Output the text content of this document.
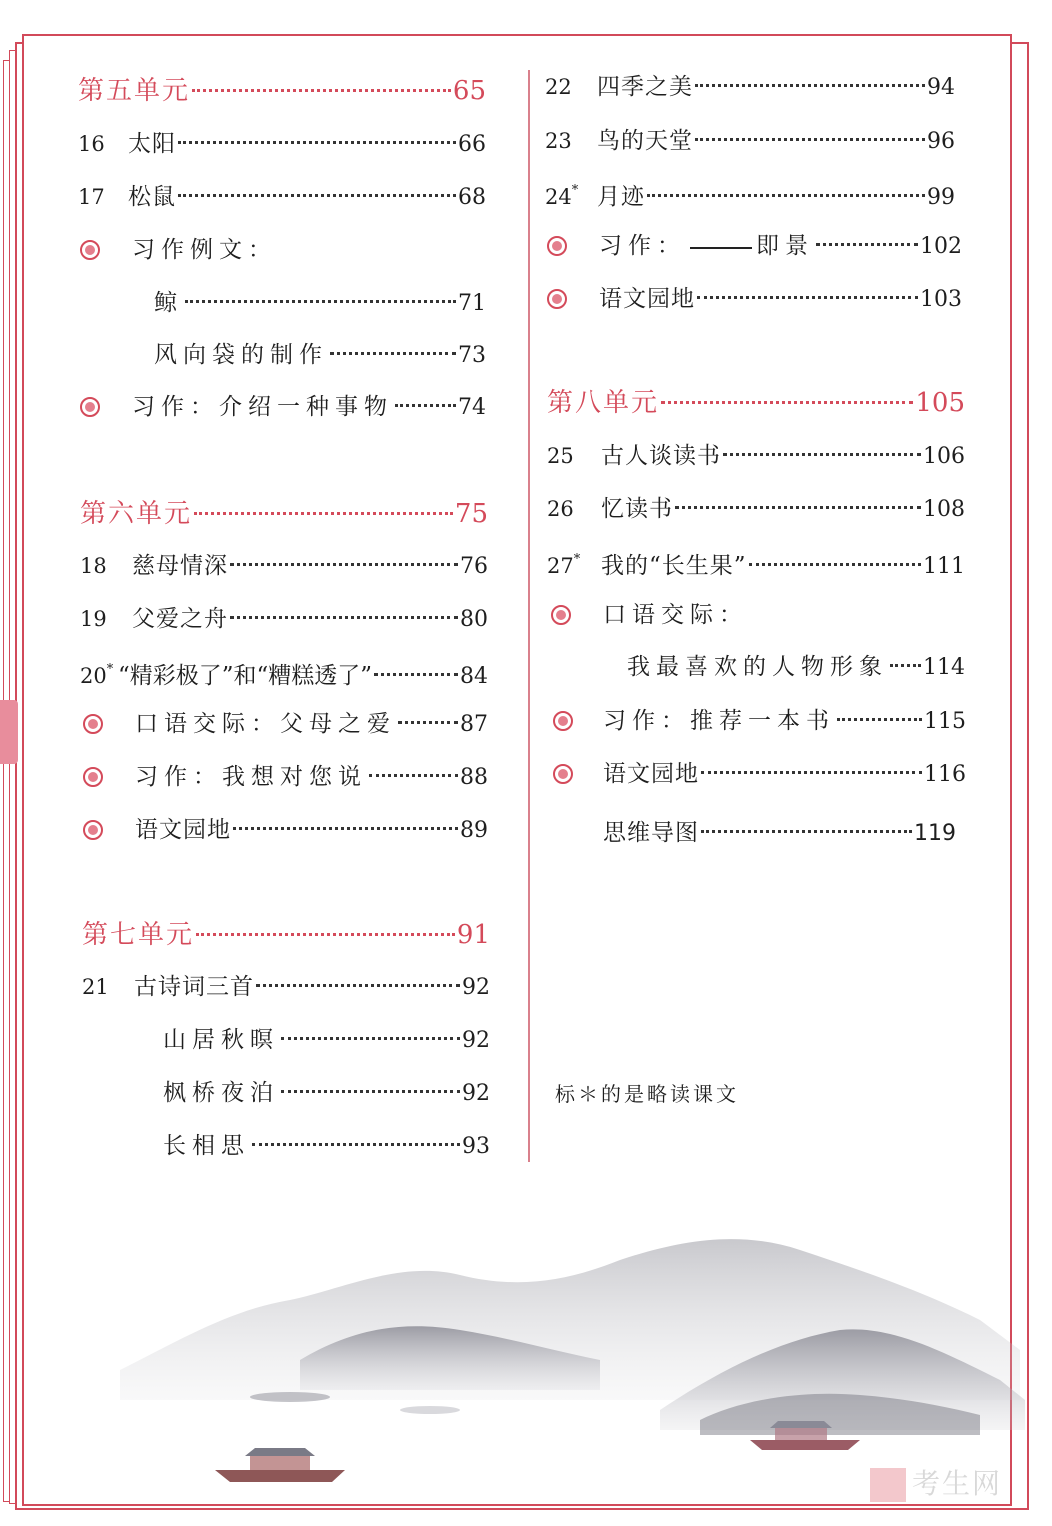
第五单元	65
16	太阳	66
17	松鼠	68
习作例文：
鲸	71
风向袋的制作	73
习作：介绍一种事物	74
第六单元	75
18	慈母情深	76
19	父爱之舟	80
20* “精彩极了”和“糟糕透了”	84
口语交际：父母之爱	87
习作：我想对您说	88
语文园地	89
第七单元	91
21	古诗词三首	92
山居秋暝	92
枫桥夜泊	92
长相思	93
22	四季之美	94
23	鸟的天堂	96
24* 月迹	99
习作：	即景	102
语文园地	103
第八单元	105
25	古人谈读书	106
26	忆读书	108
27* 我的“长生果”	111
口语交际：
我最喜欢的人物形象 114
习作：推荐一本书	115
语文园地	116
思维导图	119
标＊的是略读课文
考生网
